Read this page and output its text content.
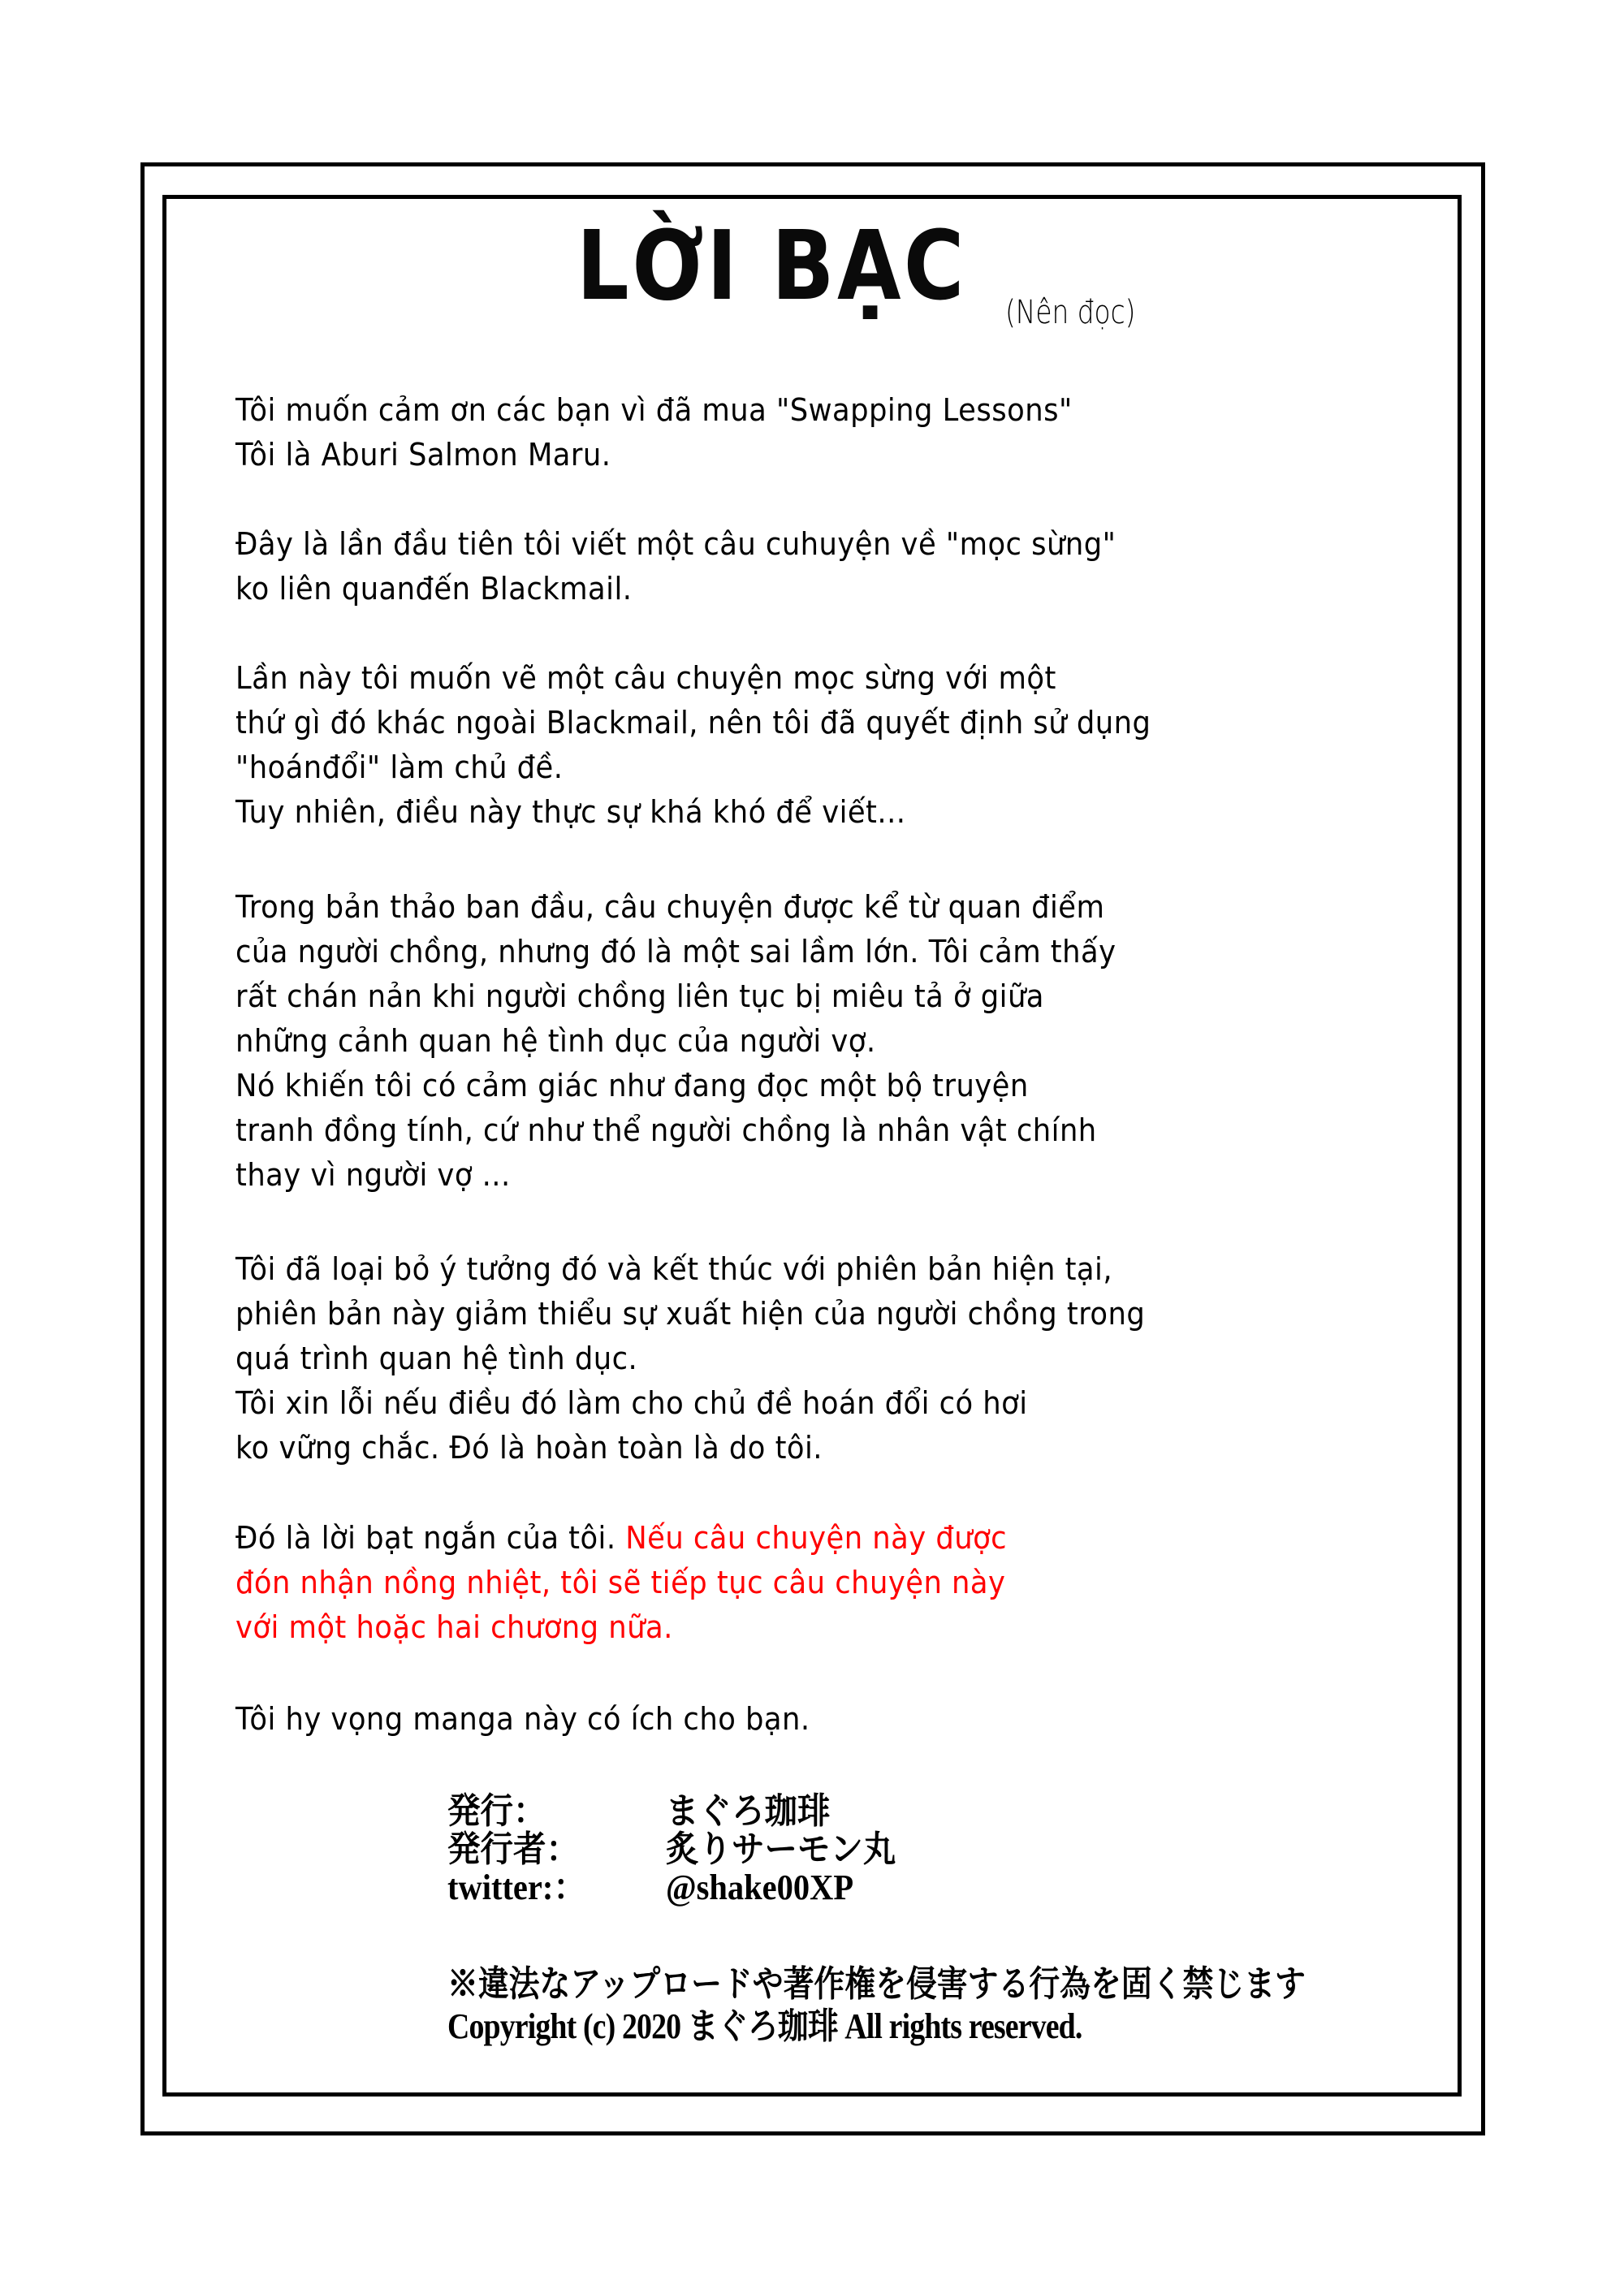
LỜI BẠC	(Nên đọc)
Tôi muốn cảm ơn các bạn vì đã mua "Swapping Lessons"
Tôi là Aburi Salmon Maru.
Đây là lần đầu tiên tôi viết một câu cuhuyện về "mọc sừng"
ko liên quanđến Blackmail.
Lần này tôi muốn vẽ một câu chuyện mọc sừng với một
thứ gì đó khác ngoài Blackmail, nên tôi đã quyết định sử dụng
"hoánđổi" làm chủ đề.
Tuy nhiên, điều này thực sự khá khó để viết...
Trong bản thảo ban đầu, câu chuyện được kể từ quan điểm
của người chồng, nhưng đó là một sai lầm lớn. Tôi cảm thấy
rất chán nản khi người chồng liên tục bị miêu tả ở giữa
những cảnh quan hệ tình dục của người vợ.
Nó khiến tôi có cảm giác như đang đọc một bộ truyện
tranh đồng tính, cứ như thể người chồng là nhân vật chính
thay vì người vợ ...
Tôi đã loại bỏ ý tưởng đó và kết thúc với phiên bản hiện tại,
phiên bản này giảm thiểu sự xuất hiện của người chồng trong
quá trình quan hệ tình dục.
Tôi xin lỗi nếu điều đó làm cho chủ đề hoán đổi có hơi
ko vững chắc. Đó là hoàn toàn là do tôi.
Đó là lời bạt ngắn của tôi. Nếu câu chuyện này được
đón nhận nồng nhiệt, tôi sẽ tiếp tục câu chuyện này
với một hoặc hai chương nữa.
Tôi hy vọng manga này có ích cho bạn.
発行：	まぐろ珈琲
発行者：	炙りサーモン丸
twitter:：	@shake00XP
※違法なアップロードや著作権を侵害する行為を固く禁じます
Copyright (c) 2020 まぐろ珈琲 All rights reserved.
